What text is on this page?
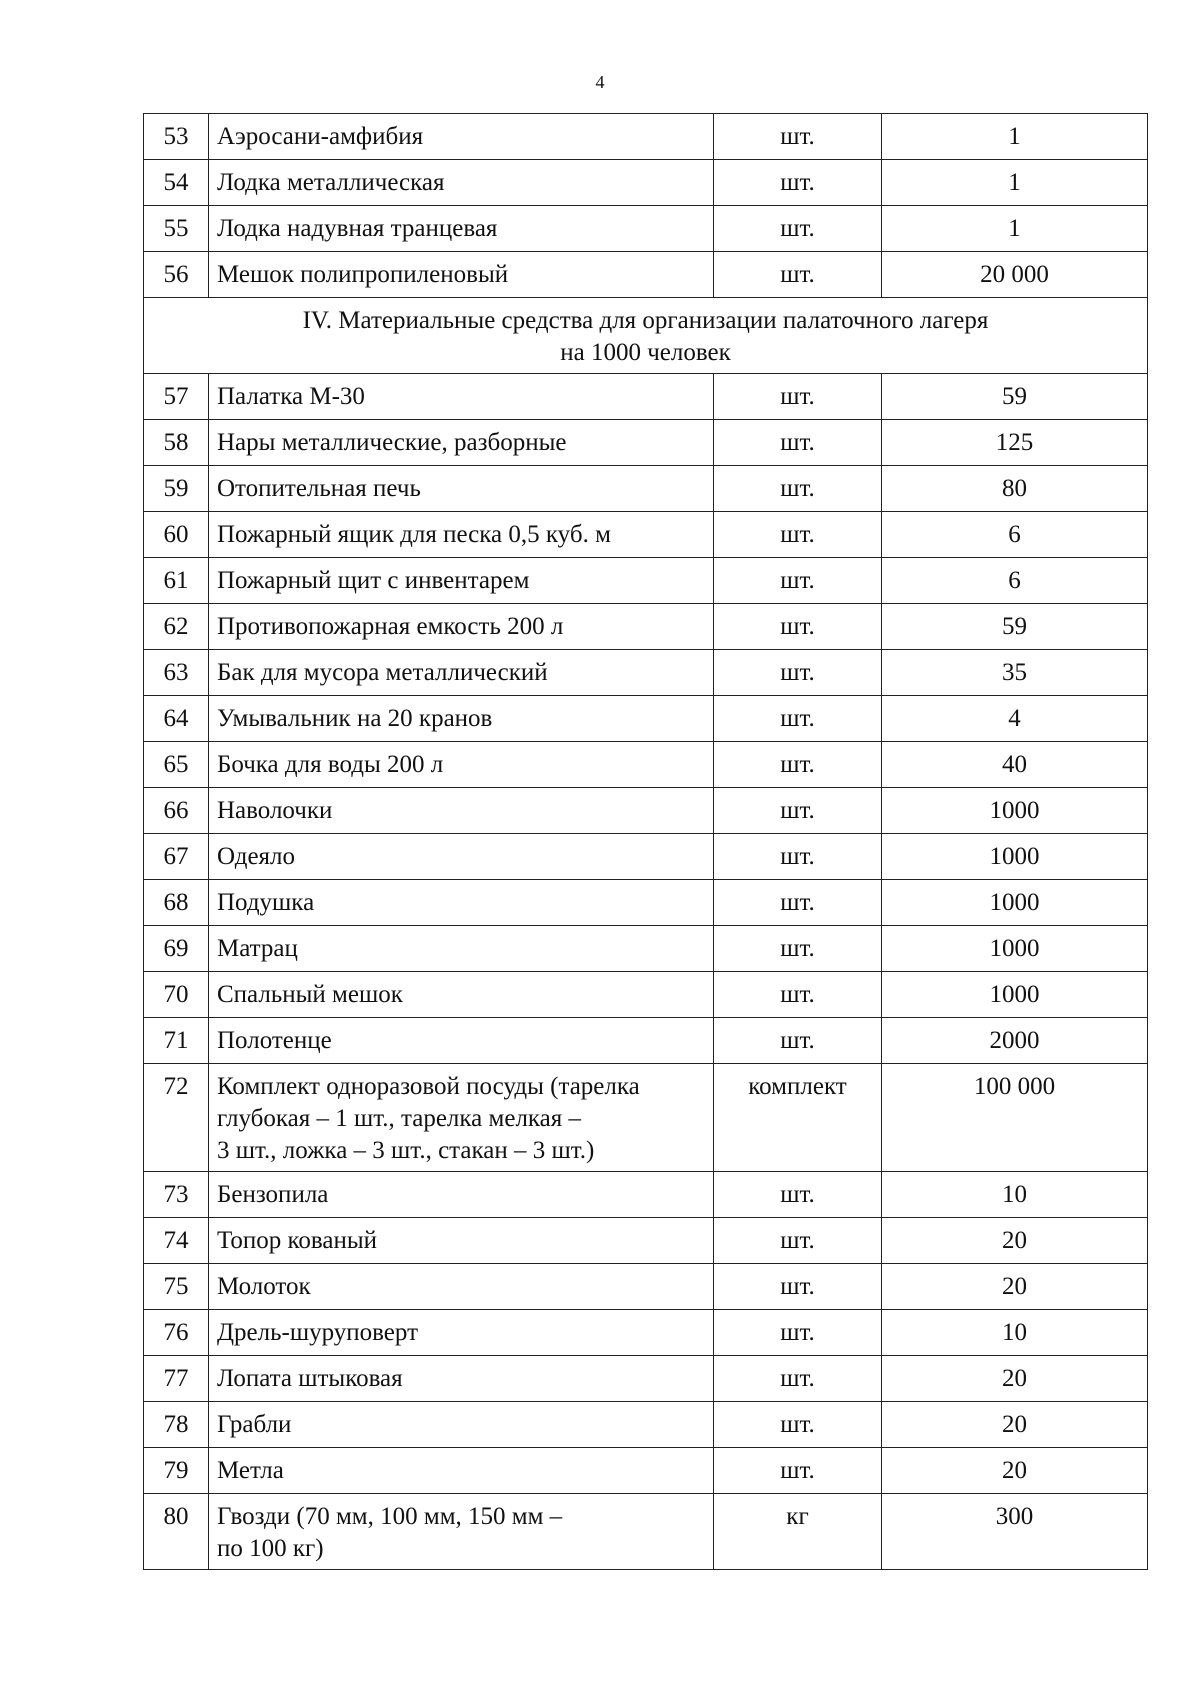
4
53	Аэросани-амфибия	шт.	1
54	Лодка металлическая	шт.	1
55	Лодка надувная транцевая	шт.	1
56	Мешок полипропиленовый	шт.	20 000

IV. Материальные средства для организации палаточного лагеря
на 1000 человек			

57	Палатка М-30	шт.	59
58	Нары металлические, разборные	шт.	125
59	Отопительная печь	шт.	80
60	Пожарный ящик для песка 0,5 куб. м	шт.	6
61	Пожарный щит с инвентарем	шт.	6
62	Противопожарная емкость 200 л	шт.	59
63	Бак для мусора металлический	шт.	35
64	Умывальник на 20 кранов	шт.	4
65	Бочка для воды 200 л	шт.	40
66	Наволочки	шт.	1000
67	Одеяло	шт.	1000
68	Подушка	шт.	1000
69	Матрац	шт.	1000
70	Спальный мешок	шт.	1000
71	Полотенце	шт.	2000
72	Комплект одноразовой посуды (тарелка
глубокая – 1 шт., тарелка мелкая –
3 шт., ложка – 3 шт., стакан – 3 шт.)	комплект	100 000
73	Бензопила	шт.	10
74	Топор кованый	шт.	20
75	Молоток	шт.	20
76	Дрель-шуруповерт	шт.	10
77	Лопата штыковая	шт.	20
78	Грабли	шт.	20
79	Метла	шт.	20
80	Гвозди (70 мм, 100 мм, 150 мм –
по 100 кг)	кг	300
